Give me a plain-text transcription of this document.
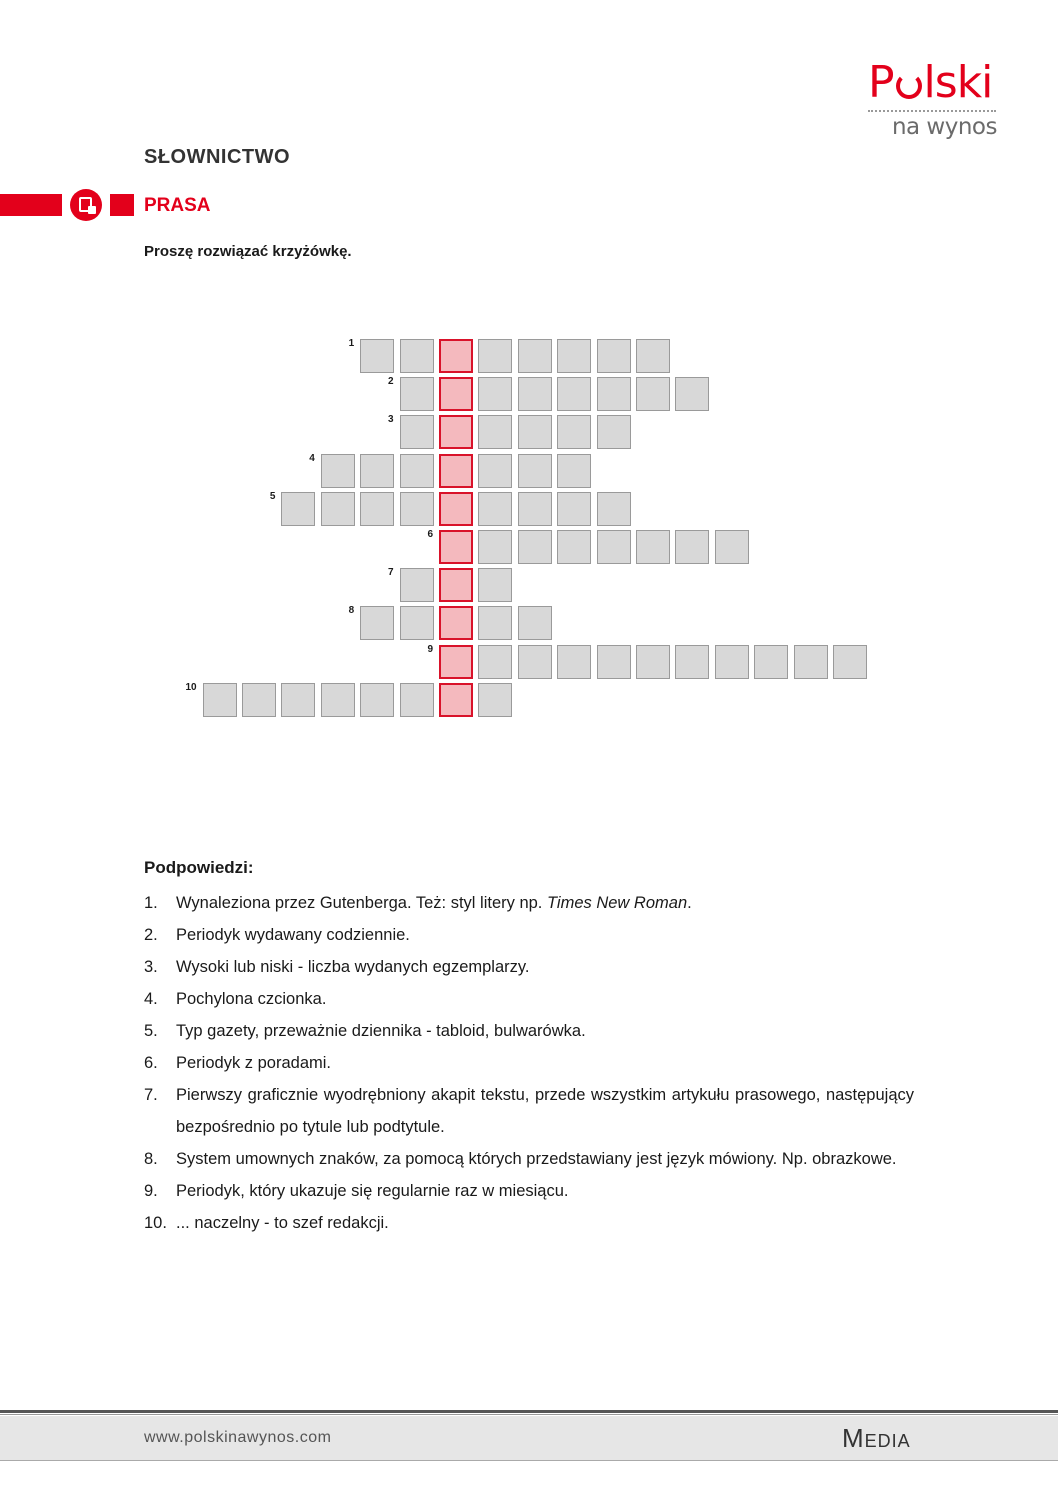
P lski
na wynos
SŁOWNICTWO
PRASA
Proszę rozwiązać krzyżówkę.
1
2
3
4
5
6
7
8
9
10
Podpowiedzi:
1.	Wynaleziona przez Gutenberga. Też: styl litery np. Times New Roman.
2.	Periodyk wydawany codziennie.
3.	Wysoki lub niski - liczba wydanych egzemplarzy.
4.	Pochylona czcionka.
5.	Typ gazety, przeważnie dziennika - tabloid, bulwarówka.
6.	Periodyk z poradami.
7.	Pierwszy graficznie wyodrębniony akapit tekstu, przede wszystkim artykułu prasowego, następujący bezpośrednio po tytule lub podtytule.
8.	System umownych znaków, za pomocą których przedstawiany jest język mówiony. Np. obrazkowe.
9.	Periodyk, który ukazuje się regularnie raz w miesiącu.
10. ... naczelny - to szef redakcji.
www.polskinawynos.com	Media
